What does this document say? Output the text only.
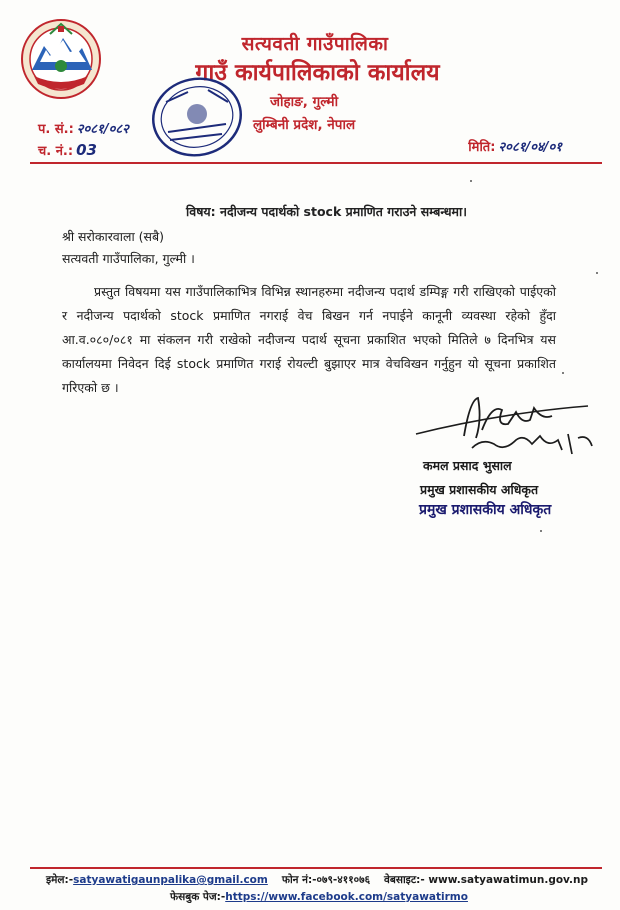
सत्यवती गाउँपालिका
गाउँ कार्यपालिकाको कार्यालय
जोहाङ, गुल्मी
लुम्बिनी प्रदेश, नेपाल
प. सं.: २०८१/०८२
च. नं.: 03	मिति: २०८१/०४/०१
विषय: नदीजन्य पदार्थको stock प्रमाणित गराउने सम्बन्धमा।
श्री सरोकारवाला (सबै)
सत्यवती गाउँपालिका, गुल्मी ।
प्रस्तुत विषयमा यस गाउँपालिकाभित्र विभिन्न स्थानहरुमा नदीजन्य पदार्थ डम्पिङ्ग गरी राखिएको पाईएको र नदीजन्य पदार्थको stock प्रमाणित नगराई वेच बिखन गर्न नपाईने कानूनी व्यवस्था रहेको हुँदा आ.व.०८०/०८१ मा संकलन गरी राखेको नदीजन्य पदार्थ सूचना प्रकाशित भएको मितिले ७ दिनभित्र यस कार्यालयमा निवेदन दिई stock प्रमाणित गराई रोयल्टी बुझाएर मात्र वेचविखन गर्नुहुन यो सूचना प्रकाशित गरिएको छ ।
कमल प्रसाद भुसाल
प्रमुख प्रशासकीय अधिकृत
प्रमुख प्रशासकीय अधिकृत
इमेल:-satyawatigaunpalika@gmail.com फोन नं:-०७९-४११०७६ वेबसाइट:- www.satyawatimun.gov.np
फेसबुक पेज:-https://www.facebook.com/satyawatirmo
